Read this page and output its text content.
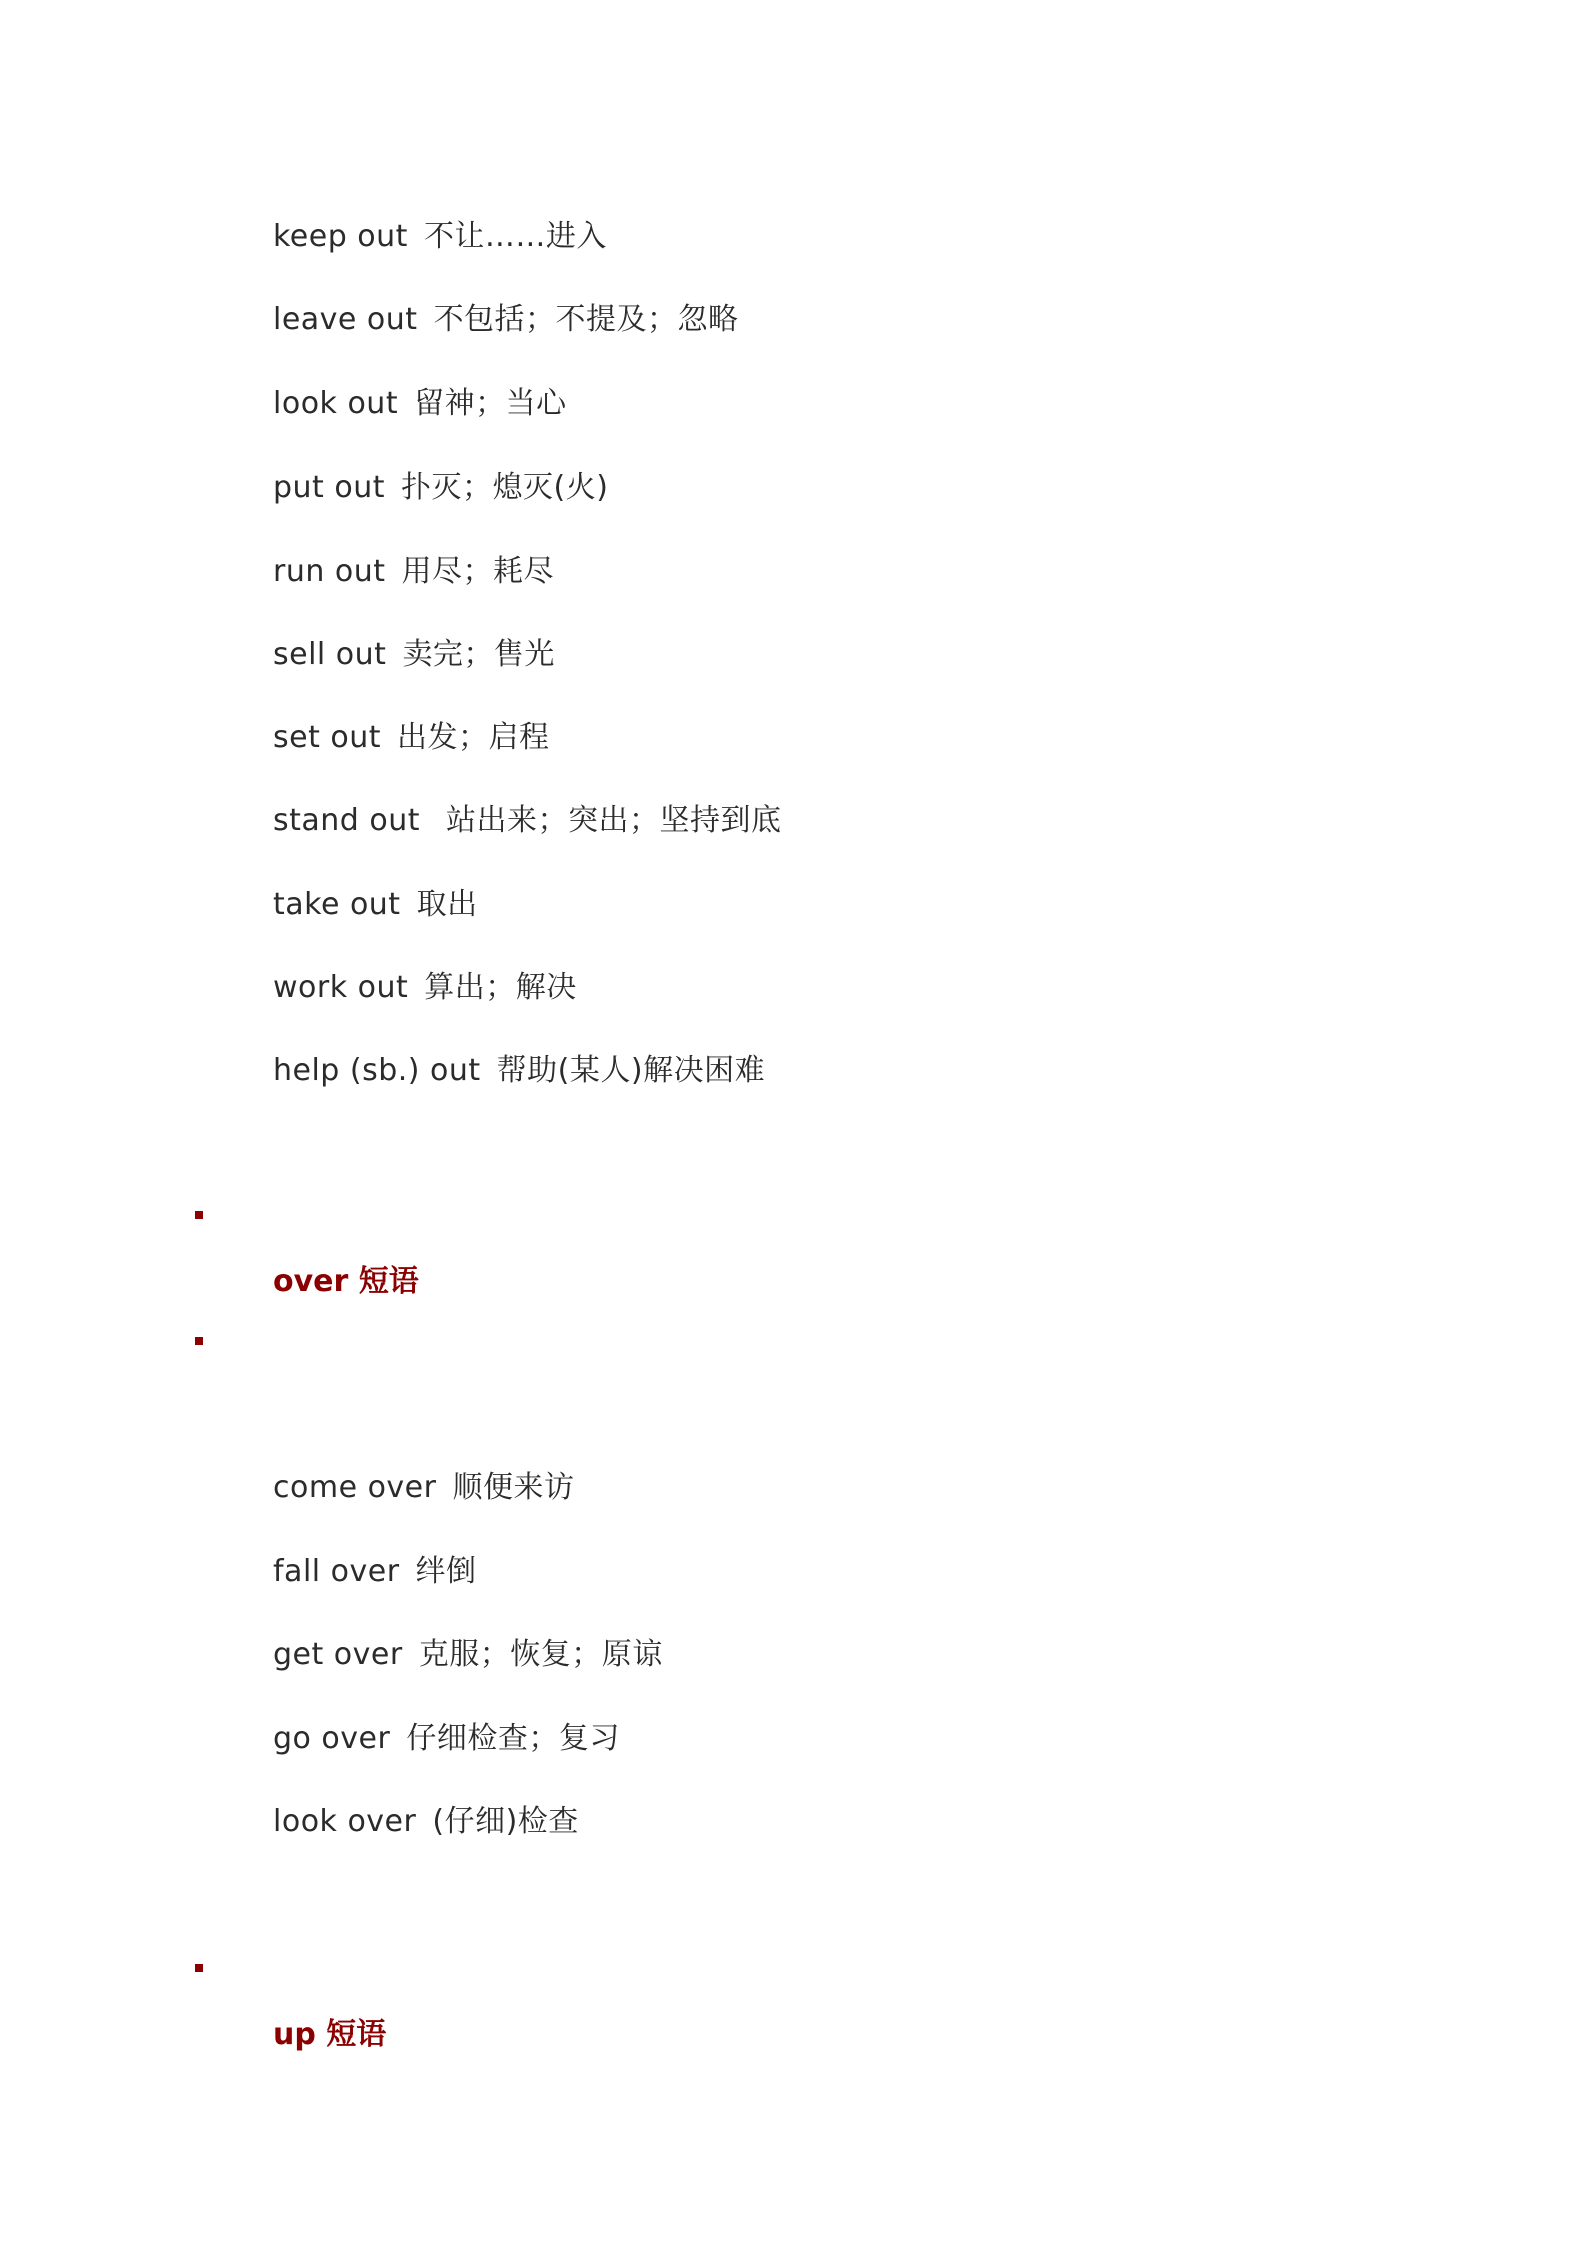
keep out 不让……进入
leave out 不包括；不提及；忽略
look out 留神；当心
put out 扑灭；熄灭(火)
run out 用尽；耗尽
sell out 卖完；售光
set out 出发；启程
stand out 站出来；突出；坚持到底
take out 取出
work out 算出；解决
help (sb.) out 帮助(某人)解决困难
over 短语
come over 顺便来访
fall over 绊倒
get over 克服；恢复；原谅
go over 仔细检查；复习
look over (仔细)检查
up 短语
